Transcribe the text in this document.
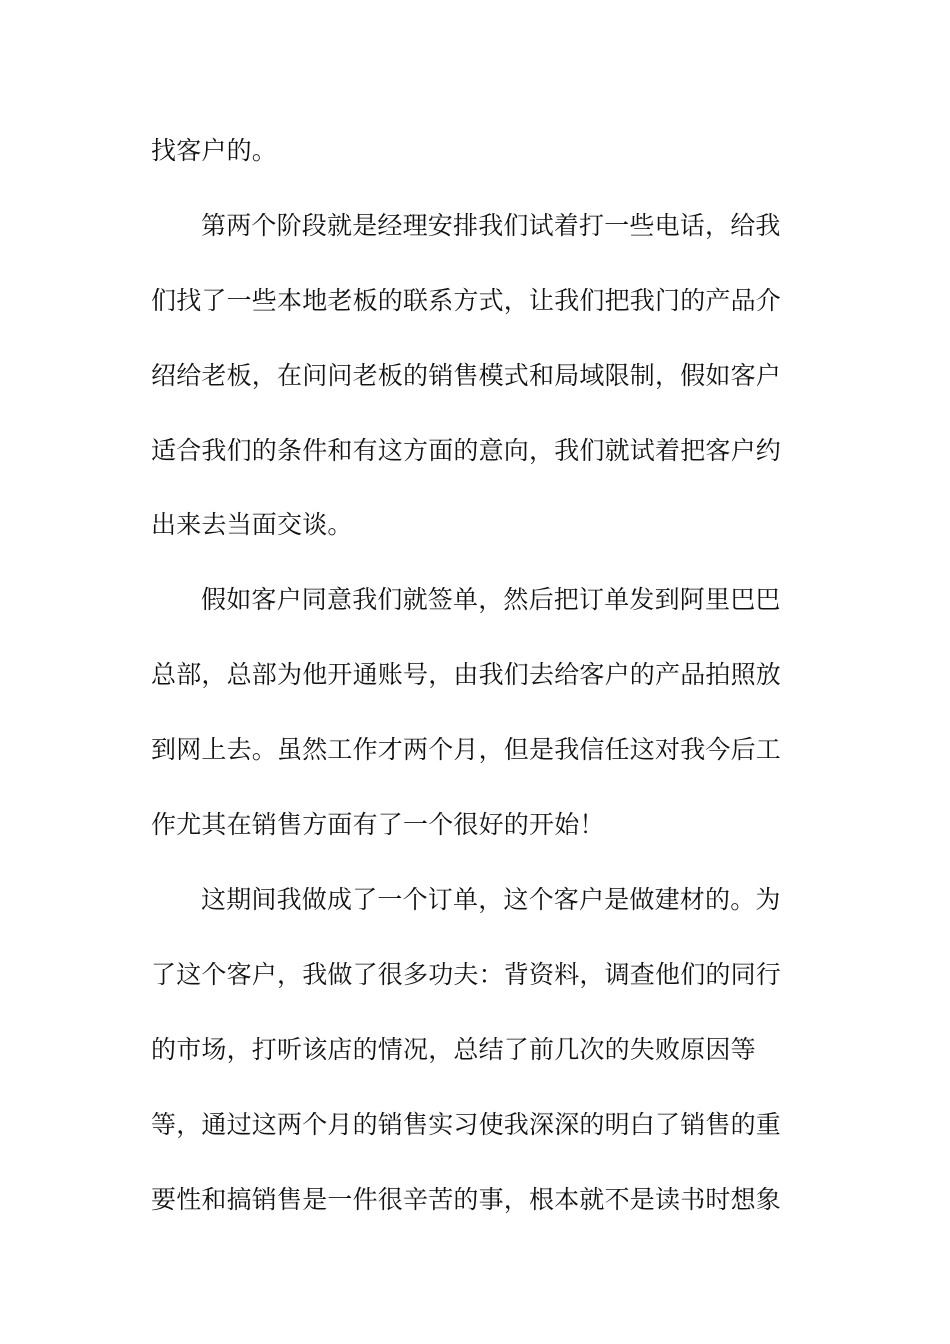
找客户的。
第两个阶段就是经理安排我们试着打一些电话，给我
们找了一些本地老板的联系方式，让我们把我门的产品介
绍给老板，在问问老板的销售模式和局域限制，假如客户
适合我们的条件和有这方面的意向，我们就试着把客户约
出来去当面交谈。
假如客户同意我们就签单，然后把订单发到阿里巴巴
总部，总部为他开通账号，由我们去给客户的产品拍照放
到网上去。虽然工作才两个月，但是我信任这对我今后工
作尤其在销售方面有了一个很好的开始！
这期间我做成了一个订单，这个客户是做建材的。为
了这个客户，我做了很多功夫：背资料，调查他们的同行
的市场，打听该店的情况，总结了前几次的失败原因等
等，通过这两个月的销售实习使我深深的明白了销售的重
要性和搞销售是一件很辛苦的事，根本就不是读书时想象
